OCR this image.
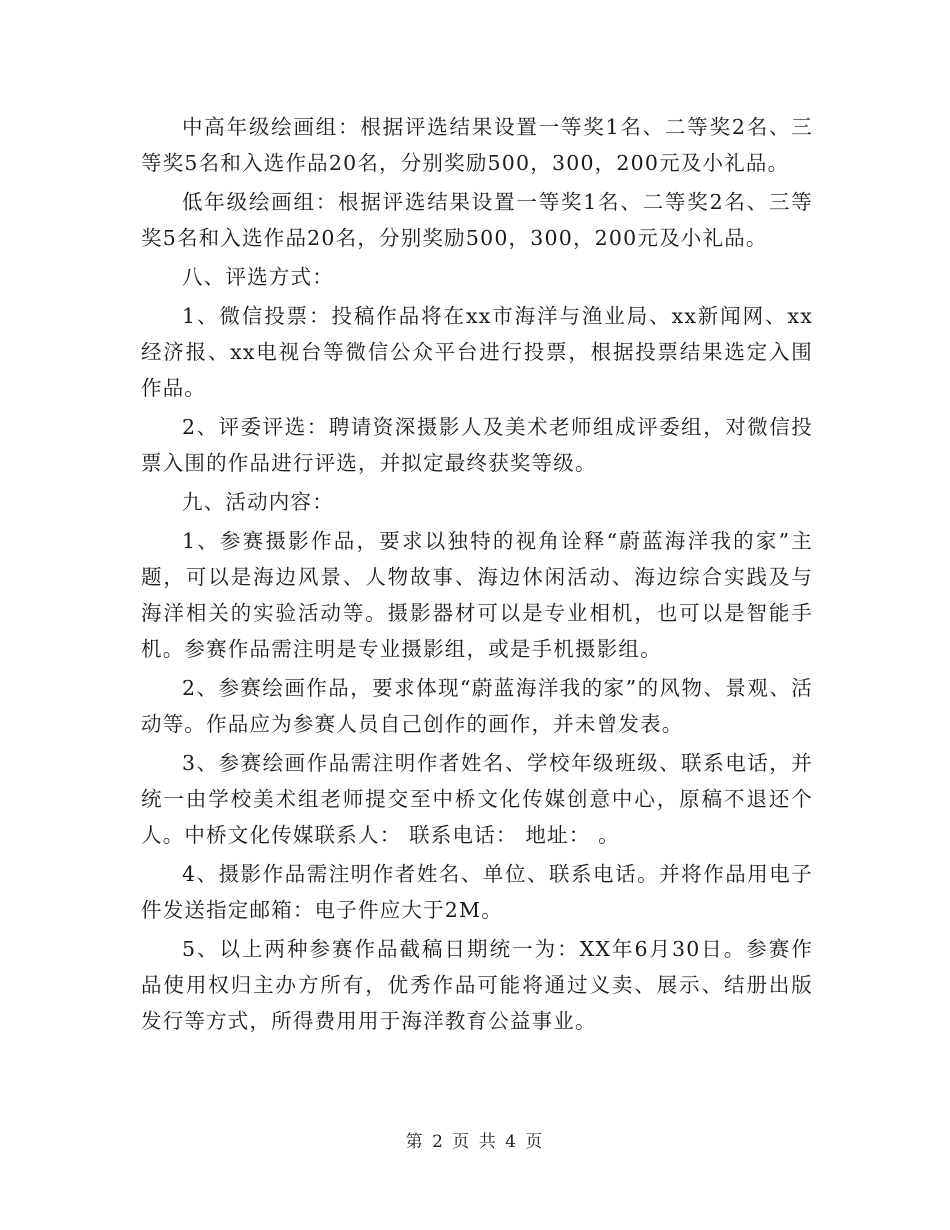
中高年级绘画组：根据评选结果设置一等奖1名、二等奖2名、三等奖5名和入选作品20名，分别奖励500，300，200元及小礼品。

低年级绘画组：根据评选结果设置一等奖1名、二等奖2名、三等奖5名和入选作品20名，分别奖励500，300，200元及小礼品。

八、评选方式：

1、微信投票：投稿作品将在xx市海洋与渔业局、xx新闻网、xx经济报、xx电视台等微信公众平台进行投票，根据投票结果选定入围作品。

2、评委评选：聘请资深摄影人及美术老师组成评委组，对微信投票入围的作品进行评选，并拟定最终获奖等级。

九、活动内容：

1、参赛摄影作品，要求以独特的视角诠释“蔚蓝海洋我的家”主题，可以是海边风景、人物故事、海边休闲活动、海边综合实践及与海洋相关的实验活动等。摄影器材可以是专业相机，也可以是智能手机。参赛作品需注明是专业摄影组，或是手机摄影组。

2、参赛绘画作品，要求体现“蔚蓝海洋我的家”的风物、景观、活动等。作品应为参赛人员自己创作的画作，并未曾发表。

3、参赛绘画作品需注明作者姓名、学校年级班级、联系电话，并统一由学校美术组老师提交至中桥文化传媒创意中心，原稿不退还个人。中桥文化传媒联系人： 联系电话： 地址： 。

4、摄影作品需注明作者姓名、单位、联系电话。并将作品用电子件发送指定邮箱：电子件应大于2M。

5、以上两种参赛作品截稿日期统一为：XX年6月30日。参赛作品使用权归主办方所有，优秀作品可能将通过义卖、展示、结册出版发行等方式，所得费用用于海洋教育公益事业。

第 2 页 共 4 页
